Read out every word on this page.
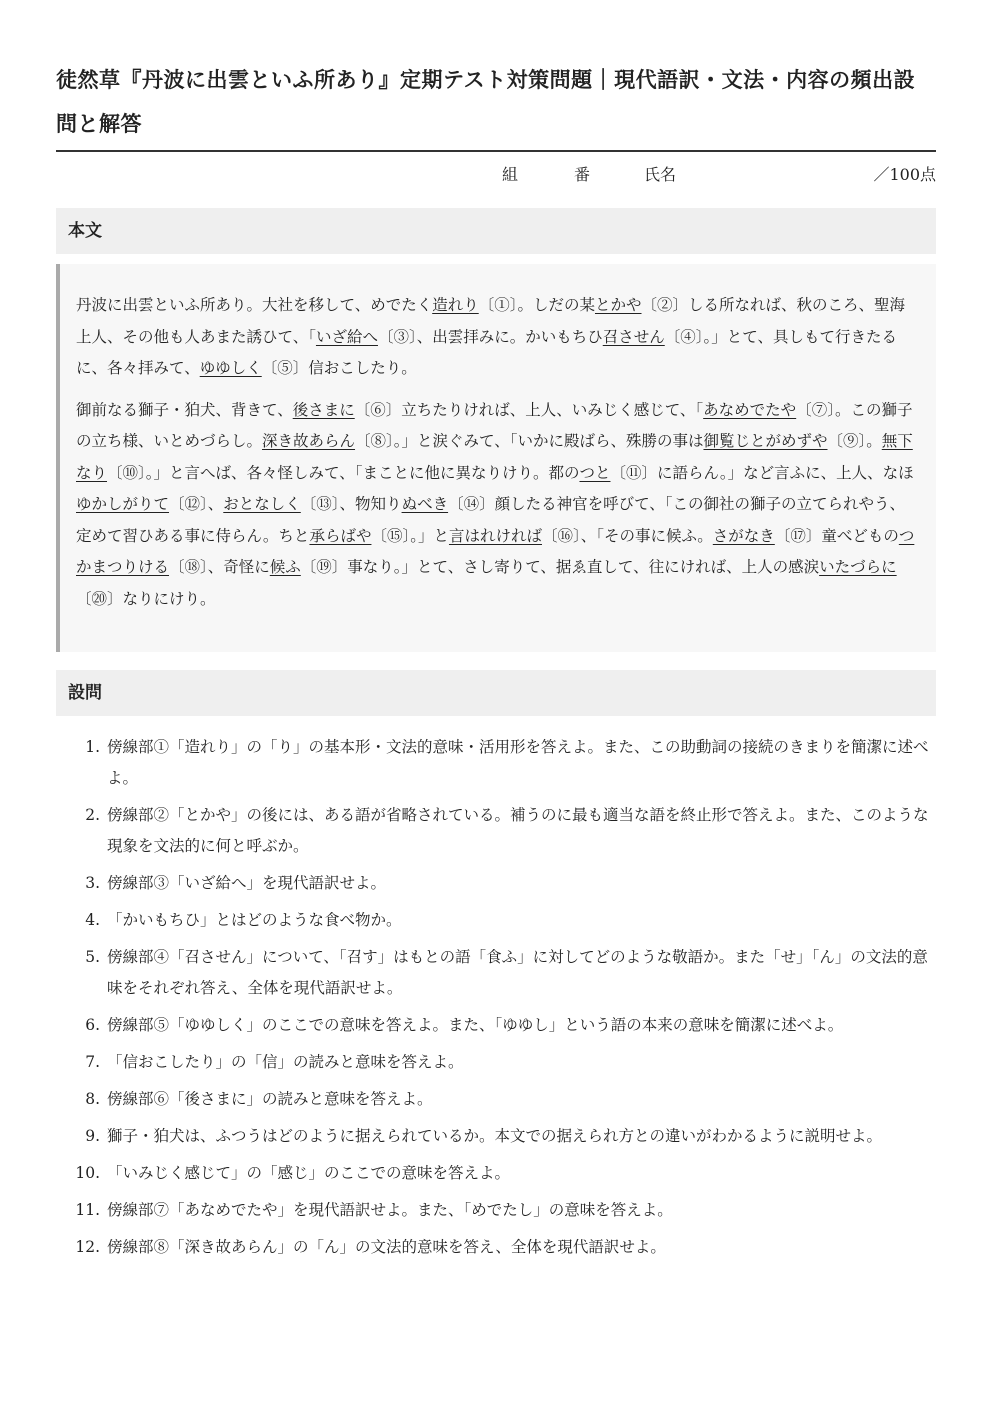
徒然草『丹波に出雲といふ所あり』定期テスト対策問題｜現代語訳・文法・内容の頻出設問と解答
組	番	氏名	／100点
本文

丹波に出雲といふ所あり。大社を移して、めでたく造れり〔①〕。しだの某とかや〔②〕しる所なれば、秋のころ、聖海上人、その他も人あまた誘ひて、「いざ給へ〔③〕、出雲拝みに。かいもちひ召させん〔④〕。」とて、具しもて行きたるに、各々拝みて、ゆゆしく〔⑤〕信おこしたり。

御前なる獅子・狛犬、背きて、後さまに〔⑥〕立ちたりければ、上人、いみじく感じて、「あなめでたや〔⑦〕。この獅子の立ち様、いとめづらし。深き故あらん〔⑧〕。」と涙ぐみて、「いかに殿ばら、殊勝の事は御覧じとがめずや〔⑨〕。無下なり〔⑩〕。」と言へば、各々怪しみて、「まことに他に異なりけり。都のつと〔⑪〕に語らん。」など言ふに、上人、なほゆかしがりて〔⑫〕、おとなしく〔⑬〕、物知りぬべき〔⑭〕顔したる神官を呼びて、「この御社の獅子の立てられやう、定めて習ひある事に侍らん。ちと承らばや〔⑮〕。」と言はれければ〔⑯〕、「その事に候ふ。さがなき〔⑰〕童べどものつかまつりける〔⑱〕、奇怪に候ふ〔⑲〕事なり。」とて、さし寄りて、据ゑ直して、往にければ、上人の感涙いたづらに〔⑳〕なりにけり。

設問
1. 傍線部①「造れり」の「り」の基本形・文法的意味・活用形を答えよ。また、この助動詞の接続のきまりを簡潔に述べよ。
2. 傍線部②「とかや」の後には、ある語が省略されている。補うのに最も適当な語を終止形で答えよ。また、このような現象を文法的に何と呼ぶか。
3. 傍線部③「いざ給へ」を現代語訳せよ。
4. 「かいもちひ」とはどのような食べ物か。
5. 傍線部④「召させん」について、「召す」はもとの語「食ふ」に対してどのような敬語か。また「せ」「ん」の文法的意味をそれぞれ答え、全体を現代語訳せよ。
6. 傍線部⑤「ゆゆしく」のここでの意味を答えよ。また、「ゆゆし」という語の本来の意味を簡潔に述べよ。
7. 「信おこしたり」の「信」の読みと意味を答えよ。
8. 傍線部⑥「後さまに」の読みと意味を答えよ。
9. 獅子・狛犬は、ふつうはどのように据えられているか。本文での据えられ方との違いがわかるように説明せよ。
10. 「いみじく感じて」の「感じ」のここでの意味を答えよ。
11. 傍線部⑦「あなめでたや」を現代語訳せよ。また、「めでたし」の意味を答えよ。
12. 傍線部⑧「深き故あらん」の「ん」の文法的意味を答え、全体を現代語訳せよ。
